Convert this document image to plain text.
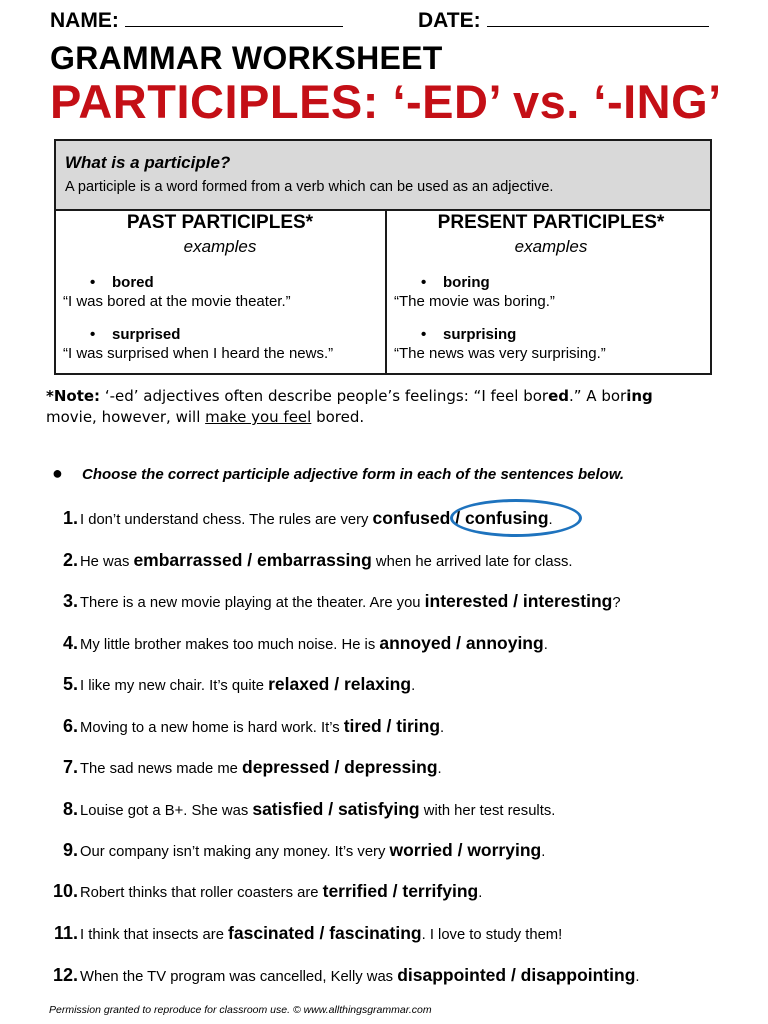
NAME:	DATE:
GRAMMAR WORKSHEET
PARTICIPLES: ‘-ED’ vs. ‘-ING’
What is a participle?
A participle is a word formed from a verb which can be used as an adjective.
PAST PARTICIPLES*
examples
• bored
“I was bored at the movie theater.”
• surprised
“I was surprised when I heard the news.”
PRESENT PARTICIPLES*
examples
• boring
“The movie was boring.”
• surprising
“The news was very surprising.”
*Note: ‘-ed’ adjectives often describe people’s feelings: “I feel bored.” A boring
movie, however, will make you feel bored.
● Choose the correct participle adjective form in each of the sentences below.
1. I don’t understand chess. The rules are very confused / confusing
.
2. He was embarrassed / embarrassing when he arrived late for class.
3. There is a new movie playing at the theater. Are you interested / interesting?
4. My little brother makes too much noise. He is annoyed / annoying.
5. I like my new chair. It’s quite relaxed / relaxing.
6. Moving to a new home is hard work. It’s tired / tiring.
7. The sad news made me depressed / depressing.
8. Louise got a B+. She was satisfied / satisfying with her test results.
9. Our company isn’t making any money. It’s very worried / worrying.
10. Robert thinks that roller coasters are terrified / terrifying.
11. I think that insects are fascinated / fascinating. I love to study them!
12. When the TV program was cancelled, Kelly was disappointed / disappointing.
Permission granted to reproduce for classroom use. © www.allthingsgrammar.com
